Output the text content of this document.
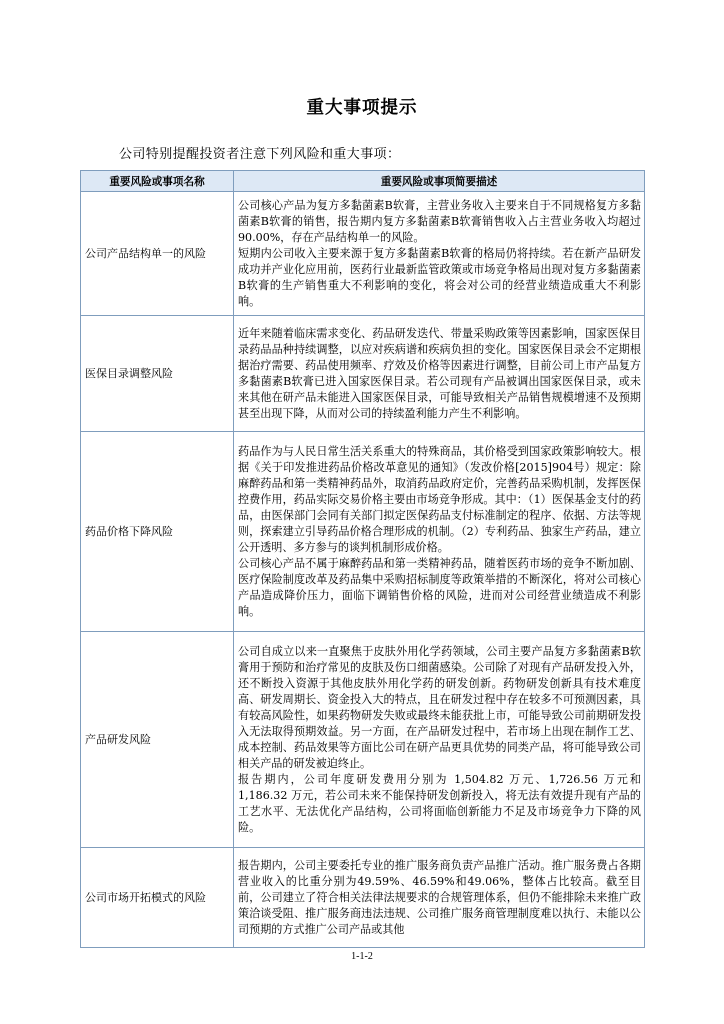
重大事项提示
公司特别提醒投资者注意下列风险和重大事项：
重要风险或事项名称	重要风险或事项简要描述
公司产品结构单一的风险	公司核心产品为复方多黏菌素B软膏，主营业务收入主要来自于不同规格复方多黏菌素B软膏的销售，报告期内复方多黏菌素B软膏销售收入占主营业务收入均超过90.00%，存在产品结构单一的风险。

短期内公司收入主要来源于复方多黏菌素B软膏的格局仍将持续。若在新产品研发成功并产业化应用前，医药行业最新监管政策或市场竞争格局出现对复方多黏菌素B软膏的生产销售重大不利影响的变化，将会对公司的经营业绩造成重大不利影响。

医保目录调整风险	近年来随着临床需求变化、药品研发迭代、带量采购政策等因素影响，国家医保目录药品品种持续调整，以应对疾病谱和疾病负担的变化。国家医保目录会不定期根据治疗需要、药品使用频率、疗效及价格等因素进行调整，目前公司上市产品复方多黏菌素B软膏已进入国家医保目录。若公司现有产品被调出国家医保目录，或未来其他在研产品未能进入国家医保目录，可能导致相关产品销售规模增速不及预期甚至出现下降，从而对公司的持续盈利能力产生不利影响。

药品价格下降风险	药品作为与人民日常生活关系重大的特殊商品，其价格受到国家政策影响较大。根据《关于印发推进药品价格改革意见的通知》（发改价格[2015]904号）规定：除麻醉药品和第一类精神药品外，取消药品政府定价，完善药品采购机制，发挥医保控费作用，药品实际交易价格主要由市场竞争形成。其中：（1）医保基金支付的药品，由医保部门会同有关部门拟定医保药品支付标准制定的程序、依据、方法等规则，探索建立引导药品价格合理形成的机制。（2）专利药品、独家生产药品，建立公开透明、多方参与的谈判机制形成价格。

公司核心产品不属于麻醉药品和第一类精神药品，随着医药市场的竞争不断加剧、医疗保险制度改革及药品集中采购招标制度等政策举措的不断深化，将对公司核心产品造成降价压力，面临下调销售价格的风险，进而对公司经营业绩造成不利影响。

产品研发风险	公司自成立以来一直聚焦于皮肤外用化学药领域，公司主要产品复方多黏菌素B软膏用于预防和治疗常见的皮肤及伤口细菌感染。公司除了对现有产品研发投入外，还不断投入资源于其他皮肤外用化学药的研发创新。药物研发创新具有技术难度高、研发周期长、资金投入大的特点，且在研发过程中存在较多不可预测因素，具有较高风险性，如果药物研发失败或最终未能获批上市，可能导致公司前期研发投入无法取得预期效益。另一方面，在产品研发过程中，若市场上出现在制作工艺、成本控制、药品效果等方面比公司在研产品更具优势的同类产品，将可能导致公司相关产品的研发被迫终止。

报告期内，公司年度研发费用分别为 1,504.82 万元、1,726.56 万元和 1,186.32 万元，若公司未来不能保持研发创新投入，将无法有效提升现有产品的工艺水平、无法优化产品结构，公司将面临创新能力不足及市场竞争力下降的风险。

公司市场开拓模式的风险	报告期内，公司主要委托专业的推广服务商负责产品推广活动。推广服务费占各期营业收入的比重分别为49.59%、46.59%和49.06%，整体占比较高。截至目前，公司建立了符合相关法律法规要求的合规管理体系，但仍不能排除未来推广政策洽谈受阻、推广服务商违法违规、公司推广服务商管理制度难以执行、未能以公司预期的方式推广公司产品或其他

1-1-2
